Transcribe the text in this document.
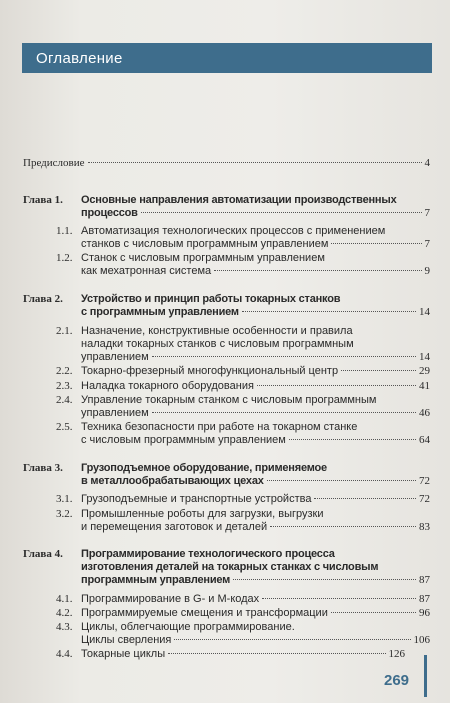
Оглавление
Предисловие	4
Глава 1. Основные направления автоматизации производственных
процессов	7
1.1. Автоматизация технологических процессов с применением
станков с числовым программным управлением	7
1.2. Станок с числовым программным управлением
как мехатронная система	9
Глава 2. Устройство и принцип работы токарных станков
с программным управлением	14
2.1. Назначение, конструктивные особенности и правила
наладки токарных станков с числовым программным
управлением	14
2.2. Токарно-фрезерный многофункциональный центр	29
2.3. Наладка токарного оборудования	41
2.4. Управление токарным станком с числовым программным
управлением	46
2.5. Техника безопасности при работе на токарном станке
с числовым программным управлением	64
Глава 3. Грузоподъемное оборудование, применяемое
в металлообрабатывающих цехах	72
3.1. Грузоподъемные и транспортные устройства	72
3.2. Промышленные роботы для загрузки, выгрузки
и перемещения заготовок и деталей	83
Глава 4. Программирование технологического процесса
изготовления деталей на токарных станках с числовым
программным управлением	87
4.1. Программирование в G- и M-кодах	87
4.2. Программируемые смещения и трансформации	96
4.3. Циклы, облегчающие программирование.
Циклы сверления	106
4.4. Токарные циклы	126
269
